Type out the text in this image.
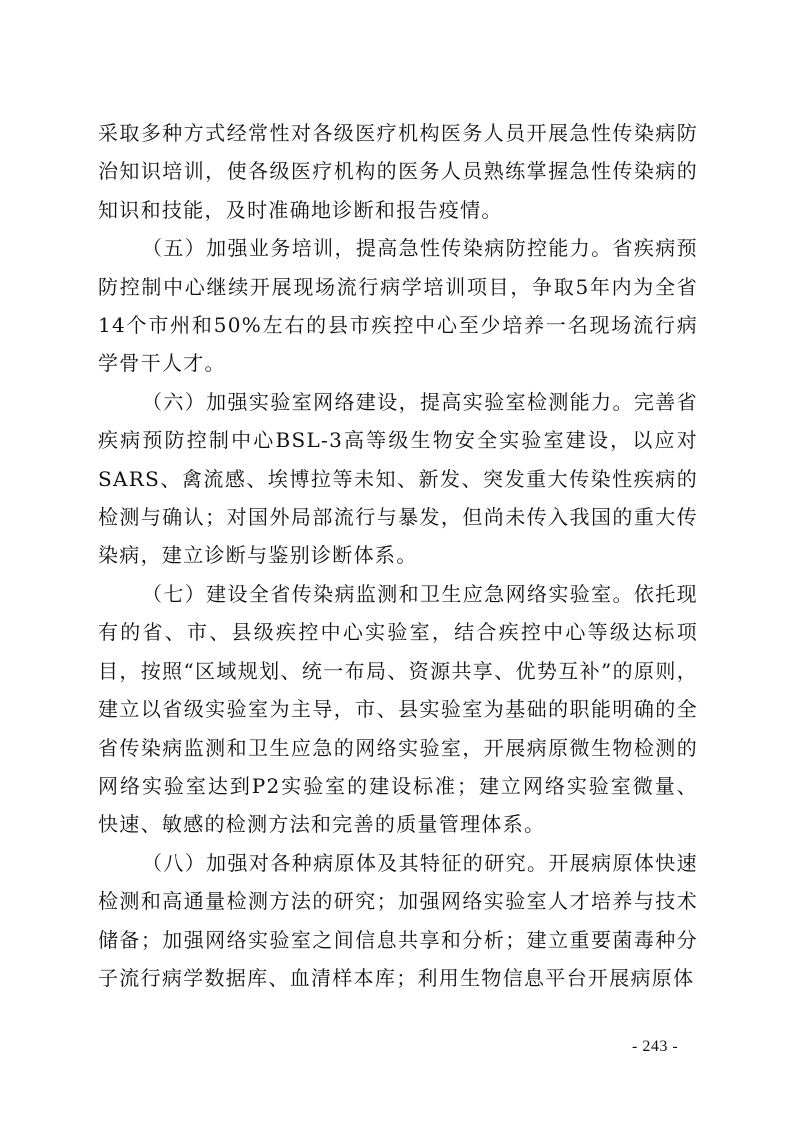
采取多种方式经常性对各级医疗机构医务人员开展急性传染病防治知识培训，使各级医疗机构的医务人员熟练掌握急性传染病的知识和技能，及时准确地诊断和报告疫情。

（五）加强业务培训，提高急性传染病防控能力。省疾病预防控制中心继续开展现场流行病学培训项目，争取5年内为全省14个市州和50%左右的县市疾控中心至少培养一名现场流行病学骨干人才。

（六）加强实验室网络建设，提高实验室检测能力。完善省疾病预防控制中心BSL-3高等级生物安全实验室建设，以应对SARS、禽流感、埃博拉等未知、新发、突发重大传染性疾病的检测与确认；对国外局部流行与暴发，但尚未传入我国的重大传染病，建立诊断与鉴别诊断体系。

（七）建设全省传染病监测和卫生应急网络实验室。依托现有的省、市、县级疾控中心实验室，结合疾控中心等级达标项目，按照“区域规划、统一布局、资源共享、优势互补”的原则，建立以省级实验室为主导，市、县实验室为基础的职能明确的全省传染病监测和卫生应急的网络实验室，开展病原微生物检测的网络实验室达到P2实验室的建设标准；建立网络实验室微量、快速、敏感的检测方法和完善的质量管理体系。

（八）加强对各种病原体及其特征的研究。开展病原体快速检测和高通量检测方法的研究；加强网络实验室人才培养与技术储备；加强网络实验室之间信息共享和分析；建立重要菌毒种分子流行病学数据库、血清样本库；利用生物信息平台开展病原体

- 243 -
